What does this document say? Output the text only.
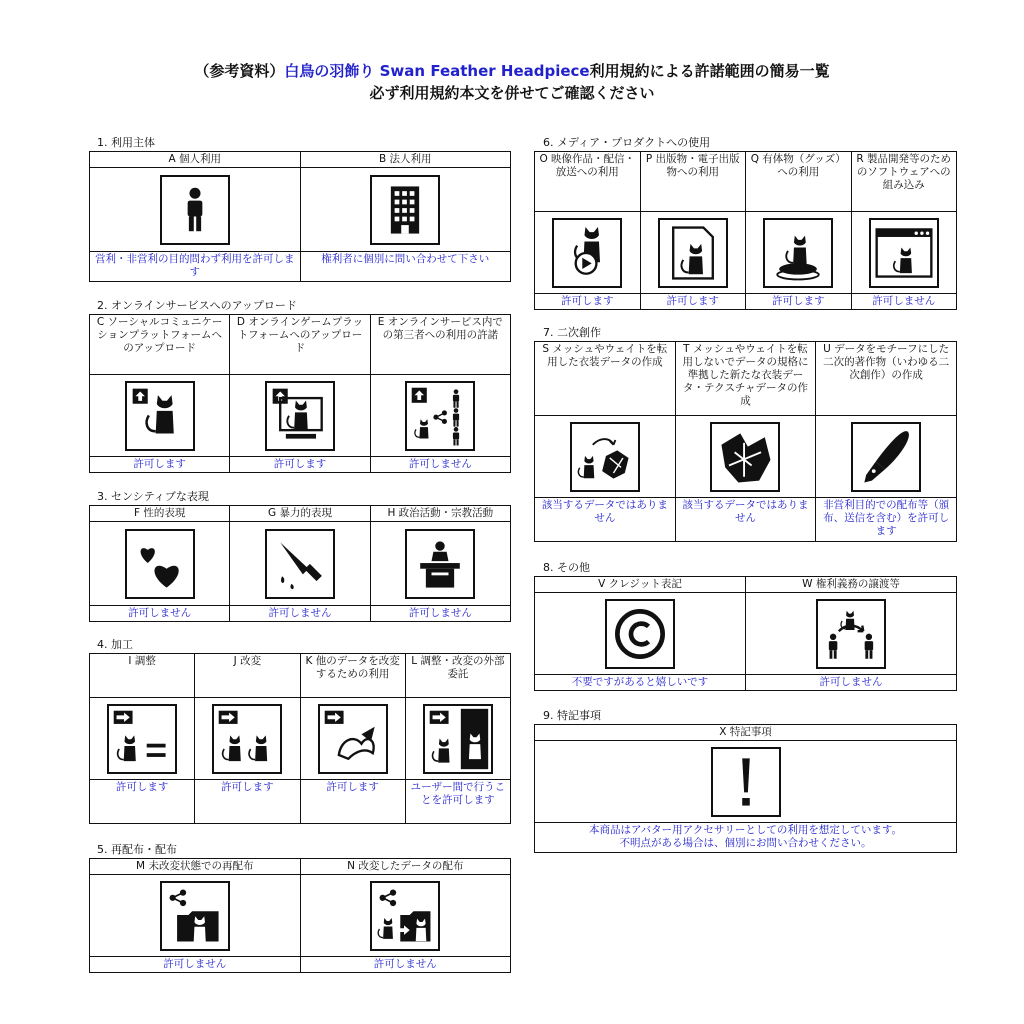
（参考資料）白鳥の羽飾り Swan Feather Headpiece利用規約による許諾範囲の簡易一覧
必ず利用規約本文を併せてご確認ください
1. 利用主体
A 個人利用	B 法人利用

営利・非営利の目的問わず利用を許可します	権利者に個別に問い合わせて下さい
2. オンラインサービスへのアップロード
C ソーシャルコミュニケーションプラットフォームへのアップロード	D オンラインゲームプラットフォームへのアップロード	E オンラインサービス内での第三者への利用の許諾

許可します	許可します	許可しません
3. センシティブな表現
F 性的表現	G 暴力的表現	H 政治活動・宗教活動

許可しません	許可しません	許可しません
4. 加工
I 調整	J 改変	K 他のデータを改変するための利用	L 調整・改変の外部委託

許可します	許可します	許可します	ユーザー間で行うことを許可します
5. 再配布・配布
M 未改変状態での再配布	N 改変したデータの配布

許可しません	許可しません
6. メディア・プロダクトへの使用
O 映像作品・配信・放送への利用	P 出版物・電子出版物への利用	Q 有体物（グッズ）への利用	R 製品開発等のためのソフトウェアへの組み込み

許可します	許可します	許可します	許可しません
7. 二次創作
S メッシュやウェイトを転用した衣装データの作成	T メッシュやウェイトを転用しないでデータの規格に準拠した新たな衣装データ・テクスチャデータの作成	U データをモチーフにした二次的著作物（いわゆる二次創作）の作成

該当するデータではありません	該当するデータではありません	非営利目的での配布等（頒布、送信を含む）を許可します
8. その他
V クレジット表記	W 権利義務の譲渡等

不要ですがあると嬉しいです	許可しません
9. 特記事項
X 特記事項

本商品はアバター用アクセサリーとしての利用を想定しています。
不明点がある場合は、個別にお問い合わせください。
